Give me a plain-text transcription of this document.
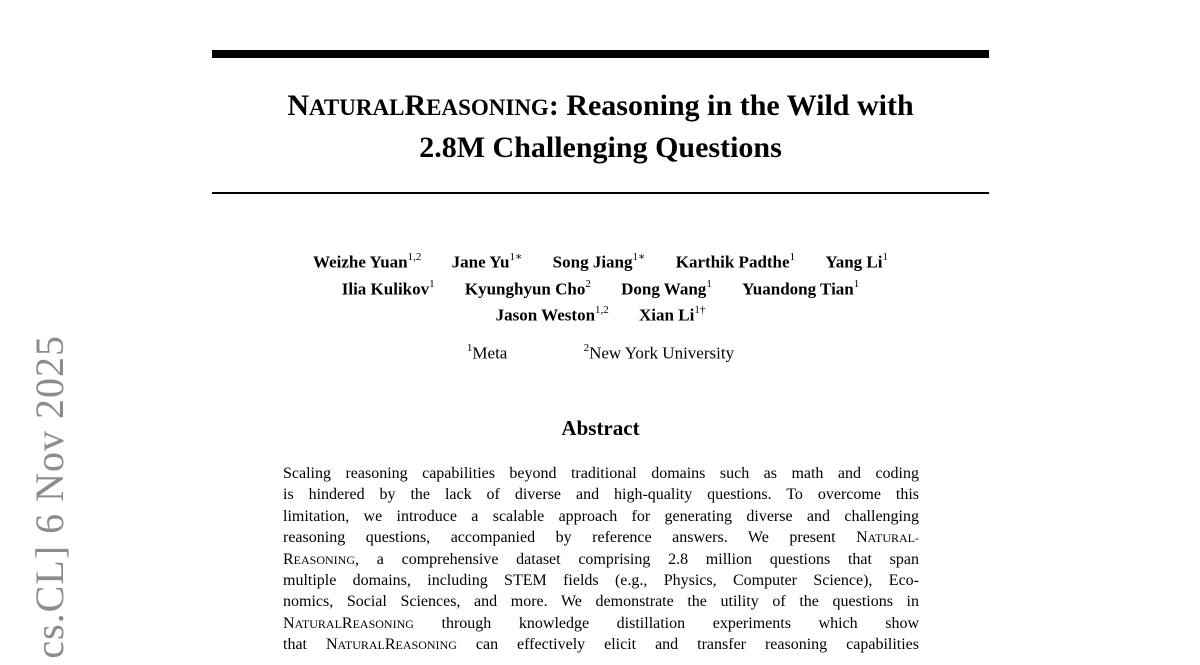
NATURALREASONING: Reasoning in the Wild with
2.8M Challenging Questions
Weizhe Yuan$^{1,2}$ Jane $Yu^{1∗}$ Song Jiang$^{1∗}$ Karthik Padthe$^1$ Yang Li$^1$
Ilia Kulikov$^1$ Kyunghyun Cho$^2$ Dong Wang$^1$ Yuandong Tian$^1$
Jason Weston$^{1,2}$ Xian $Li^{1\dagger}$
$^1$Meta	$^2$New York University
Abstract
Scaling reasoning capabilities beyond traditional domains such as math and coding
is hindered by the lack of diverse and high-quality questions. To overcome this
limitation, we introduce a scalable approach for generating diverse and challenging
reasoning questions, accompanied by reference answers. We present NATURAL-
REASONING, a comprehensive dataset comprising 2.8 million questions that span
multiple domains, including STEM fields (e.g., Physics, Computer Science), Eco-
nomics, Social Sciences, and more. We demonstrate the utility of the questions in
NATURALREASONING through knowledge distillation experiments which show
that NATURALREASONING can effectively elicit and transfer reasoning capabilities
cs.CL] 6 Nov 2025
